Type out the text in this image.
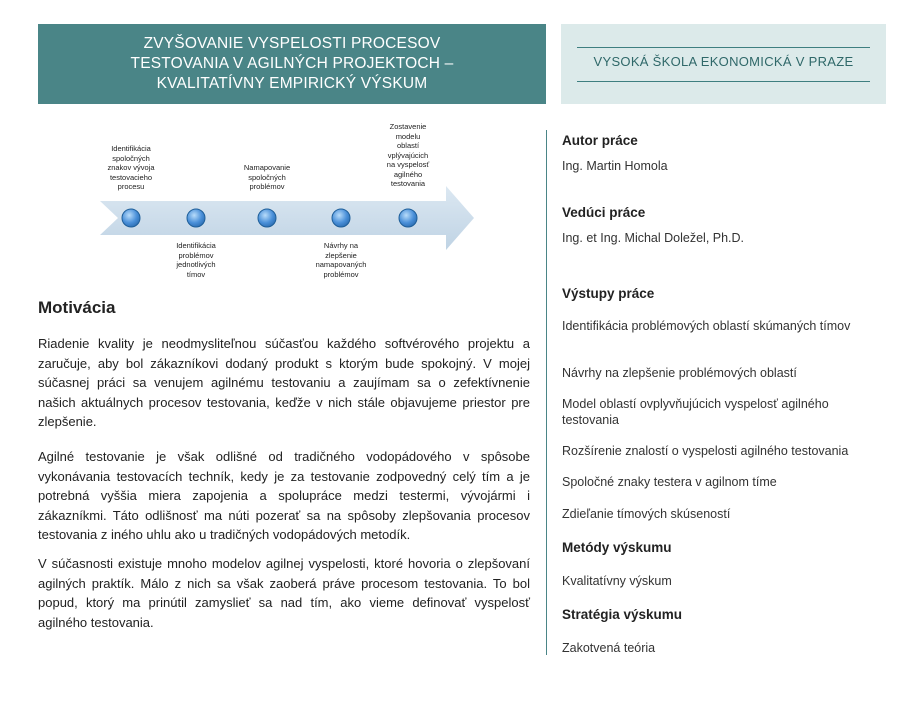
ZVYŠOVANIE VYSPELOSTI PROCESOV
TESTOVANIA V AGILNÝCH PROJEKTOCH –
KVALITATÍVNY EMPIRICKÝ VÝSKUM
VYSOKÁ ŠKOLA EKONOMICKÁ V PRAZE
Identifikácia
spoločných
znakov vývoja
testovacieho
procesu
Namapovanie
spoločných
problémov
Zostavenie
modelu
oblastí
vplývajúcich
na vyspelosť
agilného
testovania
Identifikácia
problémov
jednotlivých
tímov
Návrhy na
zlepšenie
namapovaných
problémov
Motivácia
Riadenie kvality je neodmysliteľnou súčasťou každého softvérového projektu a zaručuje, aby bol zákazníkovi dodaný produkt s ktorým bude spokojný. V mojej súčasnej práci sa venujem agilnému testovaniu a zaujímam sa o zefektívnenie našich aktuálnych procesov testovania, keďže v nich stále objavujeme priestor pre zlepšenie.
Agilné testovanie je však odlišné od tradičného vodopádového v spôsobe vykonávania testovacích techník, kedy je za testovanie zodpovedný celý tím a je potrebná vyššia miera zapojenia a spolupráce medzi testermi, vývojármi i zákazníkmi. Táto odlišnosť ma núti pozerať sa na spôsoby zlepšovania procesov testovania z iného uhlu ako u tradičných vodopádových metodík.
V súčasnosti existuje mnoho modelov agilnej vyspelosti, ktoré hovoria o zlepšovaní agilných praktík. Málo z nich sa však zaoberá práve procesom testovania. To bol popud, ktorý ma prinútil zamyslieť sa nad tím, ako vieme definovať vyspelosť agilného testovania.
Autor práce
Ing. Martin Homola
Vedúci práce
Ing. et Ing. Michal Doležel, Ph.D.
Výstupy práce
Identifikácia problémových oblastí skúmaných tímov
Návrhy na zlepšenie problémových oblastí
Model oblastí ovplyvňujúcich vyspelosť agilného testovania
Rozšírenie znalostí o vyspelosti agilného testovania
Spoločné znaky testera v agilnom tíme
Zdieľanie tímových skúseností
Metódy výskumu
Kvalitatívny výskum
Stratégia výskumu
Zakotvená teória
